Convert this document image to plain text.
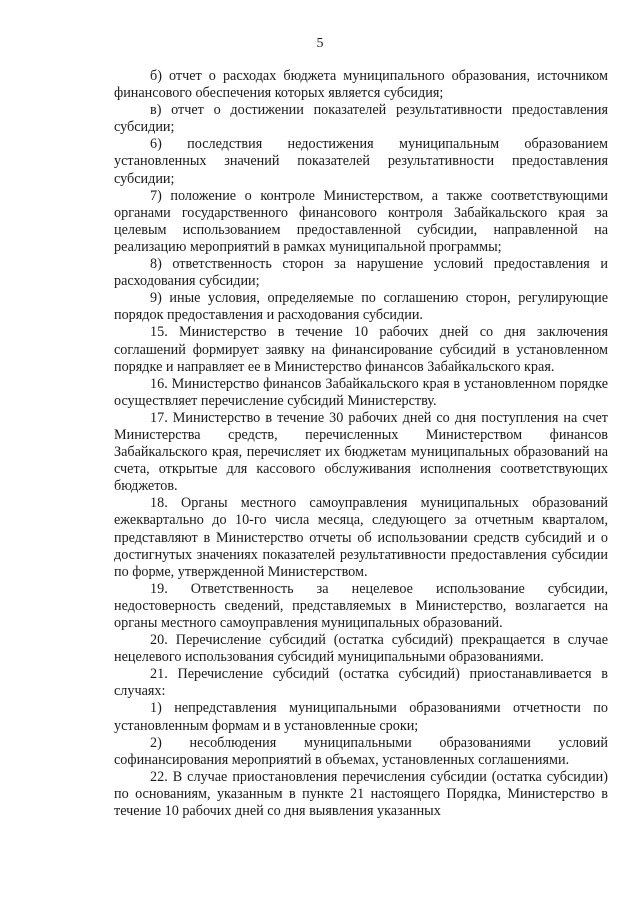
5

б) отчет о расходах бюджета муниципального образования, источником финансового обеспечения которых является субсидия;

в) отчет о достижении показателей результативности предоставления субсидии;

6) последствия недостижения муниципальным образованием установленных значений показателей результативности предоставления субсидии;

7) положение о контроле Министерством, а также соответствующими органами государственного финансового контроля Забайкальского края за целевым использованием предоставленной субсидии, направленной на реализацию мероприятий в рамках муниципальной программы;

8) ответственность сторон за нарушение условий предоставления и расходования субсидии;

9) иные условия, определяемые по соглашению сторон, регулирующие порядок предоставления и расходования субсидии.

15. Министерство в течение 10 рабочих дней со дня заключения соглашений формирует заявку на финансирование субсидий в установленном порядке и направляет ее в Министерство финансов Забайкальского края.

16. Министерство финансов Забайкальского края в установленном порядке осуществляет перечисление субсидий Министерству.

17. Министерство в течение 30 рабочих дней со дня поступления на счет Министерства средств, перечисленных Министерством финансов Забайкальского края, перечисляет их бюджетам муниципальных образований на счета, открытые для кассового обслуживания исполнения соответствующих бюджетов.

18. Органы местного самоуправления муниципальных образований ежеквартально до 10-го числа месяца, следующего за отчетным кварталом, представляют в Министерство отчеты об использовании средств субсидий и о достигнутых значениях показателей результативности предоставления субсидии по форме, утвержденной Министерством.

19. Ответственность за нецелевое использование субсидии, недостоверность сведений, представляемых в Министерство, возлагается на органы местного самоуправления муниципальных образований.

20. Перечисление субсидий (остатка субсидий) прекращается в случае нецелевого использования субсидий муниципальными образованиями.

21. Перечисление субсидий (остатка субсидий) приостанавливается в случаях:

1) непредставления муниципальными образованиями отчетности по установленным формам и в установленные сроки;

2) несоблюдения муниципальными образованиями условий софинансирования мероприятий в объемах, установленных соглашениями.

22. В случае приостановления перечисления субсидии (остатка субсидии) по основаниям, указанным в пункте 21 настоящего Порядка, Министерство в течение 10 рабочих дней со дня выявления указанных
